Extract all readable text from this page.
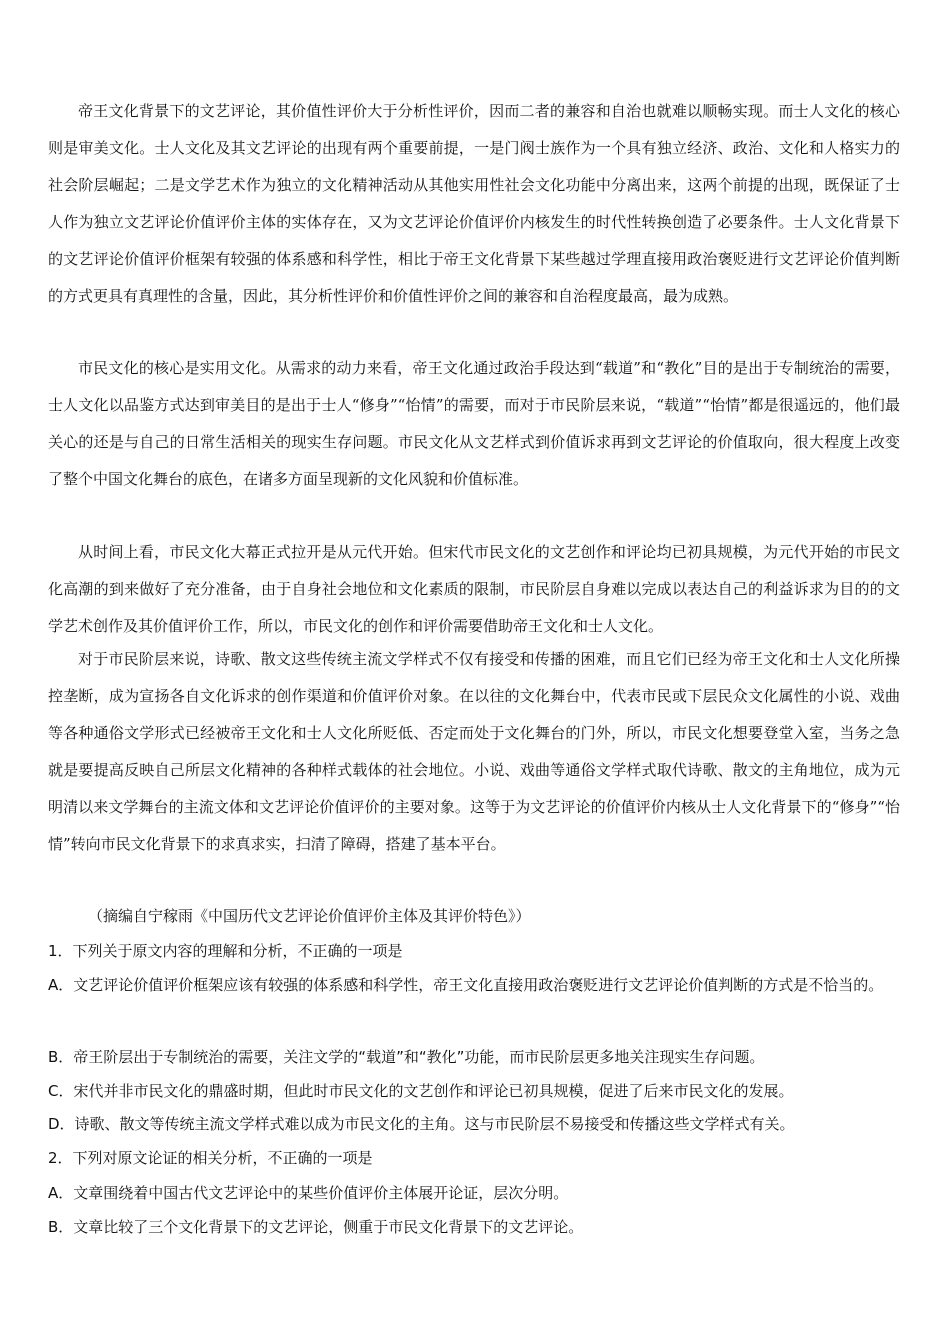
帝王文化背景下的文艺评论，其价值性评价大于分析性评价，因而二者的兼容和自治也就难以顺畅实现。而士人文化的核心则是审美文化。士人文化及其文艺评论的出现有两个重要前提，一是门阀士族作为一个具有独立经济、政治、文化和人格实力的社会阶层崛起；二是文学艺术作为独立的文化精神活动从其他实用性社会文化功能中分离出来，这两个前提的出现，既保证了士人作为独立文艺评论价值评价主体的实体存在，又为文艺评论价值评价内核发生的时代性转换创造了必要条件。士人文化背景下的文艺评论价值评价框架有较强的体系感和科学性，相比于帝王文化背景下某些越过学理直接用政治褒贬进行文艺评论价值判断的方式更具有真理性的含量，因此，其分析性评价和价值性评价之间的兼容和自治程度最高，最为成熟。

市民文化的核心是实用文化。从需求的动力来看，帝王文化通过政治手段达到“载道”和“教化”目的是出于专制统治的需要，士人文化以品鉴方式达到审美目的是出于士人“修身”“怡情”的需要，而对于市民阶层来说，“载道”“怡情”都是很遥远的，他们最关心的还是与自己的日常生活相关的现实生存问题。市民文化从文艺样式到价值诉求再到文艺评论的价值取向，很大程度上改变了整个中国文化舞台的底色，在诸多方面呈现新的文化风貌和价值标准。

从时间上看，市民文化大幕正式拉开是从元代开始。但宋代市民文化的文艺创作和评论均已初具规模，为元代开始的市民文化高潮的到来做好了充分准备，由于自身社会地位和文化素质的限制，市民阶层自身难以完成以表达自己的利益诉求为目的的文学艺术创作及其价值评价工作，所以，市民文化的创作和评价需要借助帝王文化和士人文化。

对于市民阶层来说，诗歌、散文这些传统主流文学样式不仅有接受和传播的困难，而且它们已经为帝王文化和士人文化所操控垄断，成为宣扬各自文化诉求的创作渠道和价值评价对象。在以往的文化舞台中，代表市民或下层民众文化属性的小说、戏曲等各种通俗文学形式已经被帝王文化和士人文化所贬低、否定而处于文化舞台的门外，所以，市民文化想要登堂入室，当务之急就是要提高反映自己所层文化精神的各种样式载体的社会地位。小说、戏曲等通俗文学样式取代诗歌、散文的主角地位，成为元明清以来文学舞台的主流文体和文艺评论价值评价的主要对象。这等于为文艺评论的价值评价内核从士人文化背景下的“修身”“怡情”转向市民文化背景下的求真求实，扫清了障碍，搭建了基本平台。

（摘编自宁稼雨《中国历代文艺评论价值评价主体及其评价特色》）

1．下列关于原文内容的理解和分析，不正确的一项是
A．文艺评论价值评价框架应该有较强的体系感和科学性，帝王文化直接用政治褒贬进行文艺评论价值判断的方式是不恰当的。
B．帝王阶层出于专制统治的需要，关注文学的“载道”和“教化”功能，而市民阶层更多地关注现实生存问题。
C．宋代并非市民文化的鼎盛时期，但此时市民文化的文艺创作和评论已初具规模，促进了后来市民文化的发展。
D．诗歌、散文等传统主流文学样式难以成为市民文化的主角。这与市民阶层不易接受和传播这些文学样式有关。
2．下列对原文论证的相关分析，不正确的一项是
A．文章围绕着中国古代文艺评论中的某些价值评价主体展开论证，层次分明。
B．文章比较了三个文化背景下的文艺评论，侧重于市民文化背景下的文艺评论。
